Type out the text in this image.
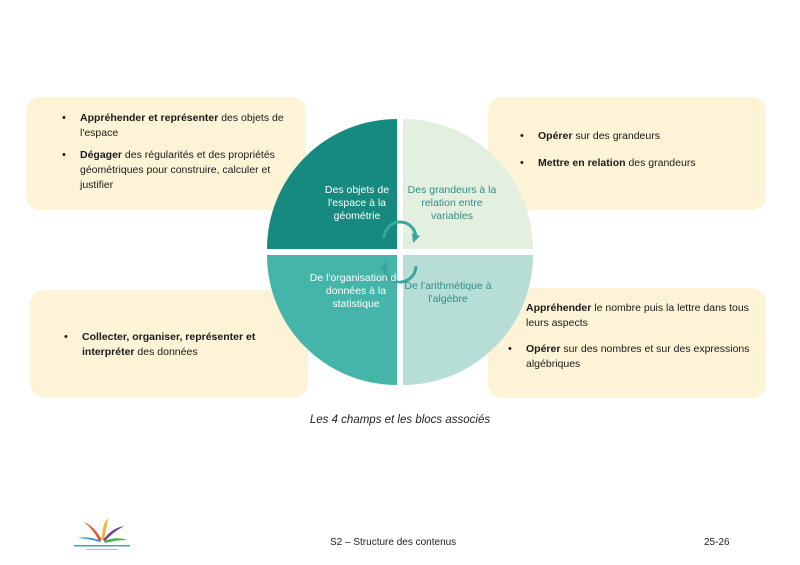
• Appréhender et représenter des objets de l'espace
• Dégager des régularités et des propriétés géométriques pour construire, calculer et justifier
• Opérer sur des grandeurs
• Mettre en relation des grandeurs
• Collecter, organiser, représenter et interpréter des données
• Appréhender le nombre puis la lettre dans tous leurs aspects
• Opérer sur des nombres et sur des expressions algébriques
Des objets de l'espace à la géométrie
Des grandeurs à la relation entre variables
De l'organisation de données à la statistique
De l'arithmétique à l'algèbre
Les 4 champs et les blocs associés
S2 – Structure des contenus	25-26
